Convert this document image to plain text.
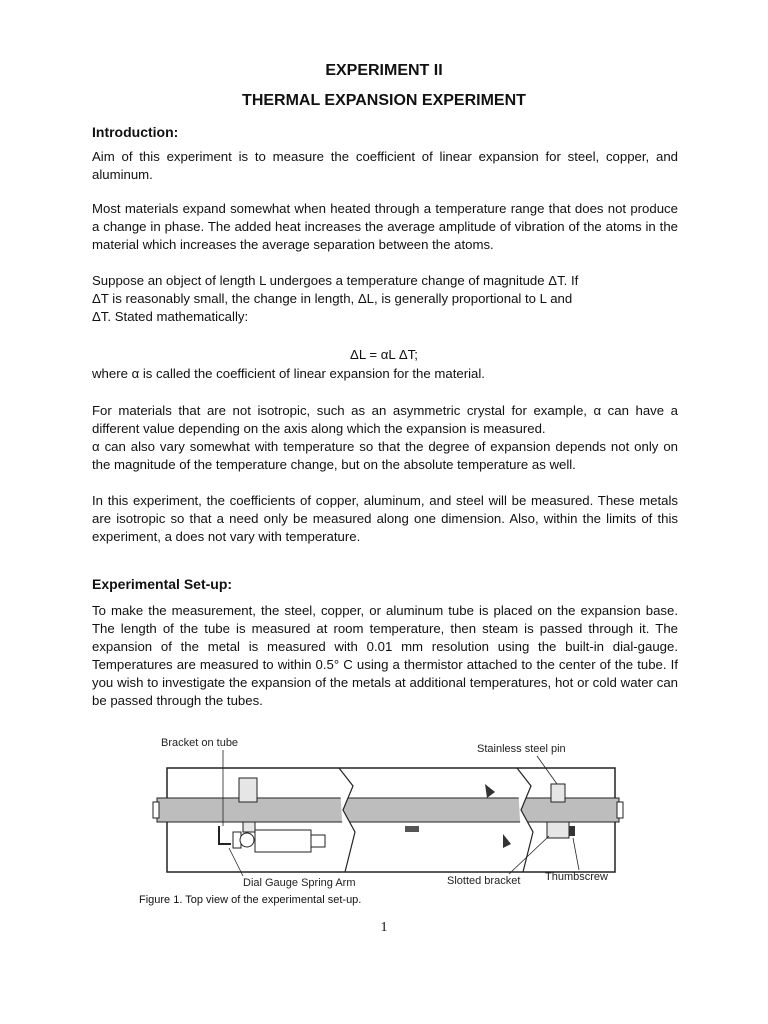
EXPERIMENT II
THERMAL EXPANSION EXPERIMENT
Introduction:

Aim of this experiment is to measure the coefficient of linear expansion for steel, copper, and aluminum.

Most materials expand somewhat when heated through a temperature range that does not produce a change in phase. The added heat increases the average amplitude of vibration of the atoms in the material which increases the average separation between the atoms.

Suppose an object of length L undergoes a temperature change of magnitude ΔT. If
ΔT is reasonably small, the change in length, ΔL, is generally proportional to L and
ΔT. Stated mathematically:

ΔL = αL ΔT;

where α is called the coefficient of linear expansion for the material.

For materials that are not isotropic, such as an asymmetric crystal for example, α can have a different value depending on the axis along which the expansion is measured.
α can also vary somewhat with temperature so that the degree of expansion depends not only on the magnitude of the temperature change, but on the absolute temperature as well.

In this experiment, the coefficients of copper, aluminum, and steel will be measured. These metals are isotropic so that a need only be measured along one dimension. Also, within the limits of this experiment, a does not vary with temperature.

Experimental Set-up:

To make the measurement, the steel, copper, or aluminum tube is placed on the expansion base. The length of the tube is measured at room temperature, then steam is passed through it. The expansion of the metal is measured with 0.01 mm resolution using the built-in dial-gauge. Temperatures are measured to within 0.5° C using a thermistor attached to the center of the tube. If you wish to investigate the expansion of the metals at additional temperatures, hot or cold water can be passed through the tubes.

Bracket on tube	Stainless steel pin
Dial Gauge Spring Arm	Slotted bracket Thumbscrew

Figure 1. Top view of the experimental set-up.

1
